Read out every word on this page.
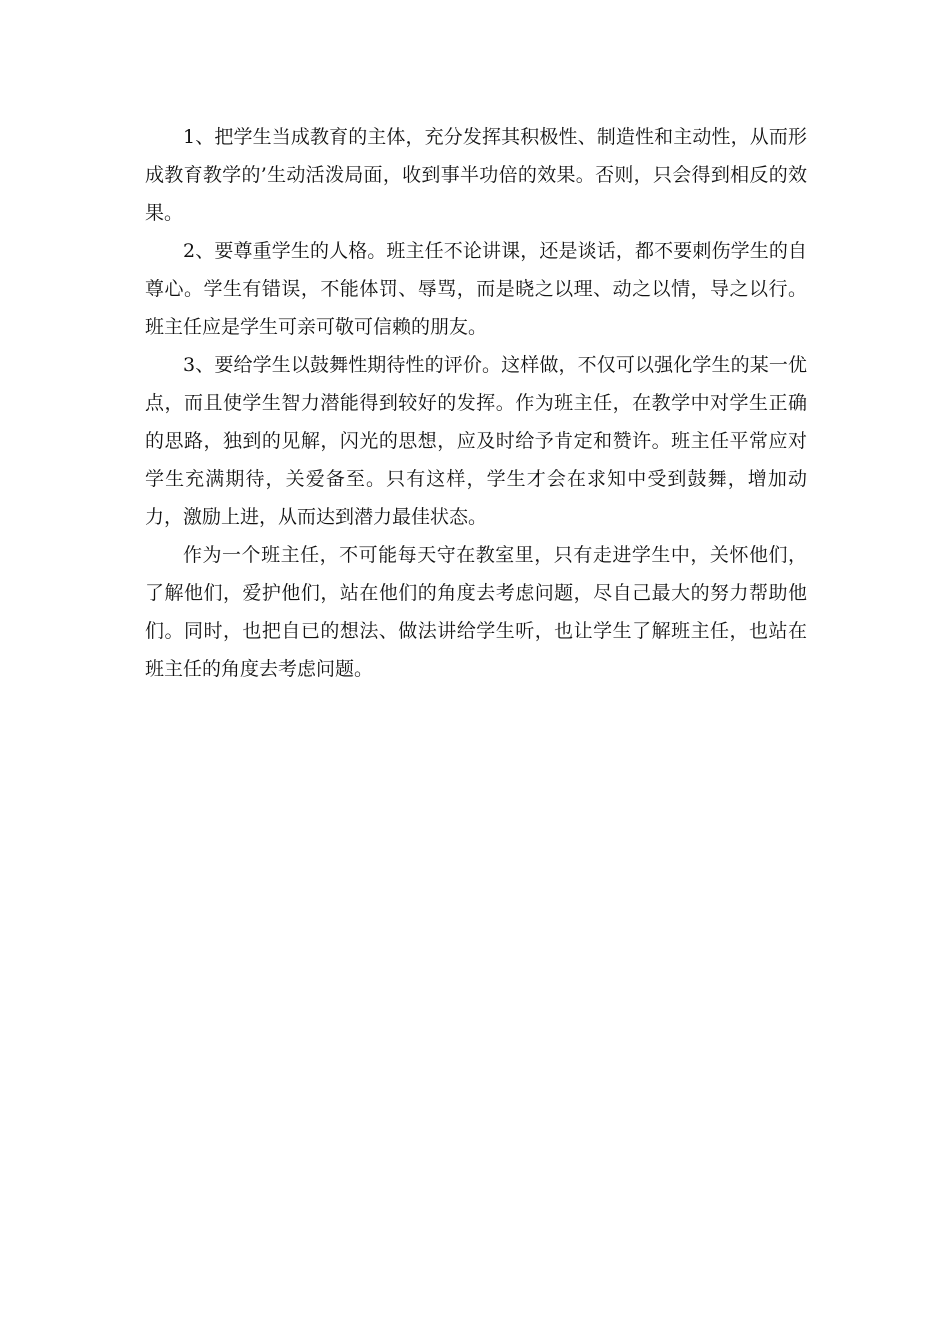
1、把学生当成教育的主体，充分发挥其积极性、制造性和主动性，从而形成教育教学的’生动活泼局面，收到事半功倍的效果。否则，只会得到相反的效果。

2、要尊重学生的人格。班主任不论讲课，还是谈话，都不要刺伤学生的自尊心。学生有错误，不能体罚、辱骂，而是晓之以理、动之以情，导之以行。班主任应是学生可亲可敬可信赖的朋友。

3、要给学生以鼓舞性期待性的评价。这样做，不仅可以强化学生的某一优点，而且使学生智力潜能得到较好的发挥。作为班主任，在教学中对学生正确的思路，独到的见解，闪光的思想，应及时给予肯定和赞许。班主任平常应对学生充满期待，关爱备至。只有这样，学生才会在求知中受到鼓舞，增加动力，激励上进，从而达到潜力最佳状态。

作为一个班主任，不可能每天守在教室里，只有走进学生中，关怀他们，了解他们，爱护他们，站在他们的角度去考虑问题，尽自己最大的努力帮助他们。同时，也把自已的想法、做法讲给学生听，也让学生了解班主任，也站在班主任的角度去考虑问题。
